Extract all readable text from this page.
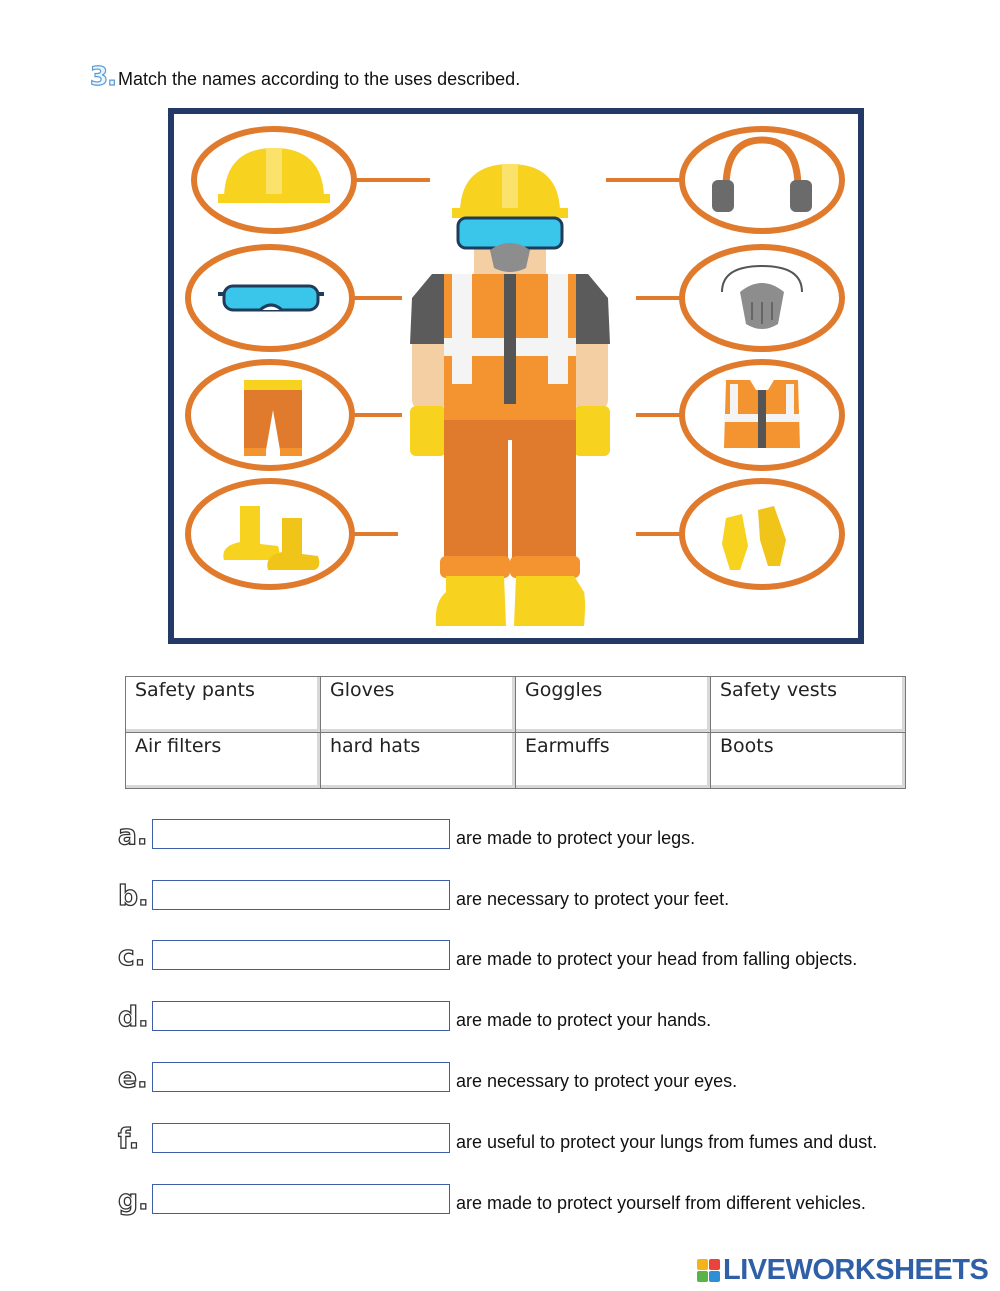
3. Match the names according to the uses described.
Safety pants	Gloves	Goggles	Safety vests
Air filters	hard hats	Earmuffs	Boots
a.	are made to protect your legs.
b.	are necessary to protect your feet.
c.	are made to protect your head from falling objects.
d.	are made to protect your hands.
e.	are necessary to protect your eyes.
f.	are useful to protect your lungs from fumes and dust.
g.	are made to protect yourself from different vehicles.
LIVEWORKSHEETS
